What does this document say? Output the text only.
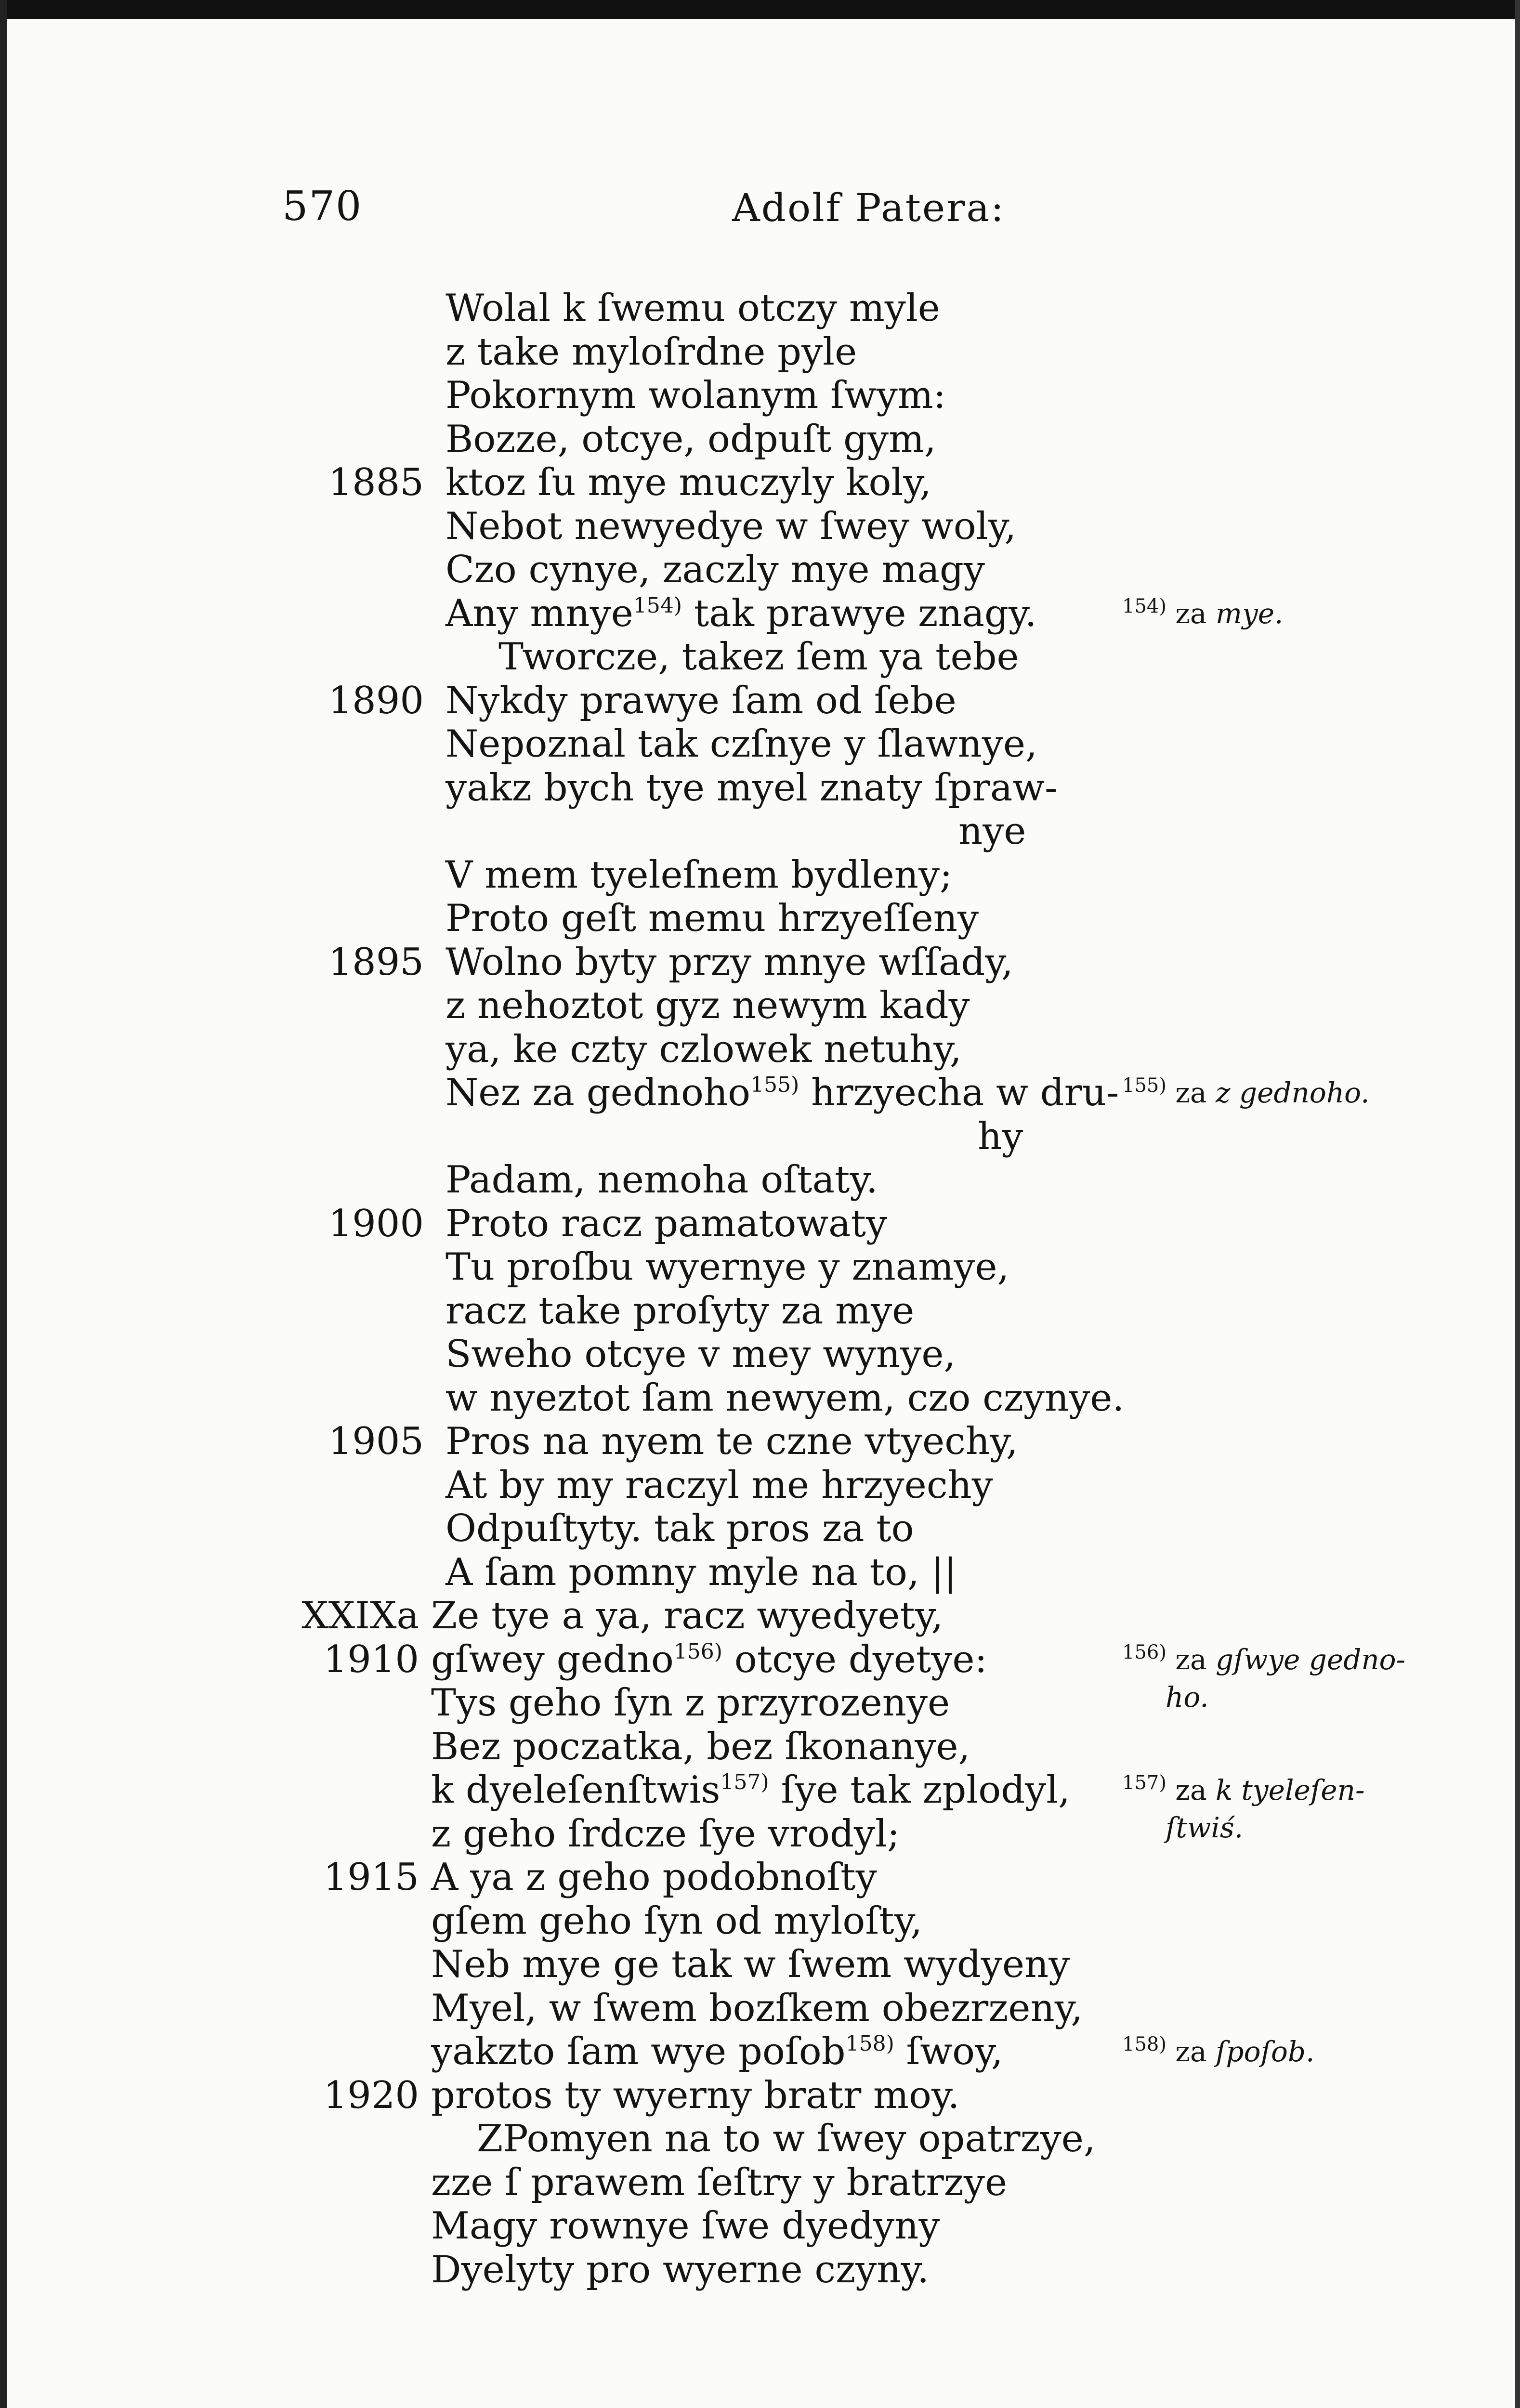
570	Adolf Patera:
Wolal k ſwemu otczy myle
z take myloſrdne pyle
Pokornym wolanym ſwym:
Bozze, otcye, odpuſt gym,
1885 ktoz ſu mye muczyly koly,
Nebot newyedye w ſwey woly,
Czo cynye, zaczly mye magy
Any mnye$^{154)}$ tak prawye znagy.
Tworcze, takez ſem ya tebe
1890 Nykdy prawye ſam od ſebe
Nepoznal tak czſnye y ſlawnye,
yakz bych tye myel znaty ſpraw-
nye
V mem tyeleſnem bydleny;
Proto geſt memu hrzyeſſeny
1895 Wolno byty przy mnye wſſady,
z nehoztot gyz newym kady
ya, ke czty czlowek netuhy,
Nez za gednoho$^{155)}$ hrzyecha w dru-
hy
Padam, nemoha oſtaty.
1900 Proto racz pamatowaty
Tu proſbu wyernye y znamye,
racz take proſyty za mye
Sweho otcye v mey wynye,
w nyeztot ſam newyem, czo czynye.
1905 Pros na nyem te czne vtyechy,
At by my raczyl me hrzyechy
Odpuſtyty. tak pros za to
A ſam pomny myle na to, ||
XXIXa Ze tye a ya, racz wyedyety,
1910 gſwey gedno$^{156)}$ otcye dyetye:
Tys geho ſyn z przyrozenye
Bez poczatka, bez ſkonanye,
k dyeleſenſtwis$^{157)}$ ſye tak zplodyl,
z geho ſrdcze ſye vrodyl;
1915 A ya z geho podobnoſty
gſem geho ſyn od myloſty,
Neb mye ge tak w ſwem wydyeny
Myel, w ſwem bozſkem obezrzeny,
yakzto ſam wye poſob$^{158)}$ ſwoy,
1920 protos ty wyerny bratr moy.
ZPomyen na to w ſwey opatrzye,
zze ſ prawem ſeſtry y bratrzye
Magy rownye ſwe dyedyny
Dyelyty pro wyerne czyny.
$^{154)}$ za mye.
$^{155)}$ za z gednoho.
$^{156)}$ za gſwye gedno-
ho.
$^{157)}$ za k tyeleſen-
ſtwiś.
$^{158)}$ za ſpoſob.
